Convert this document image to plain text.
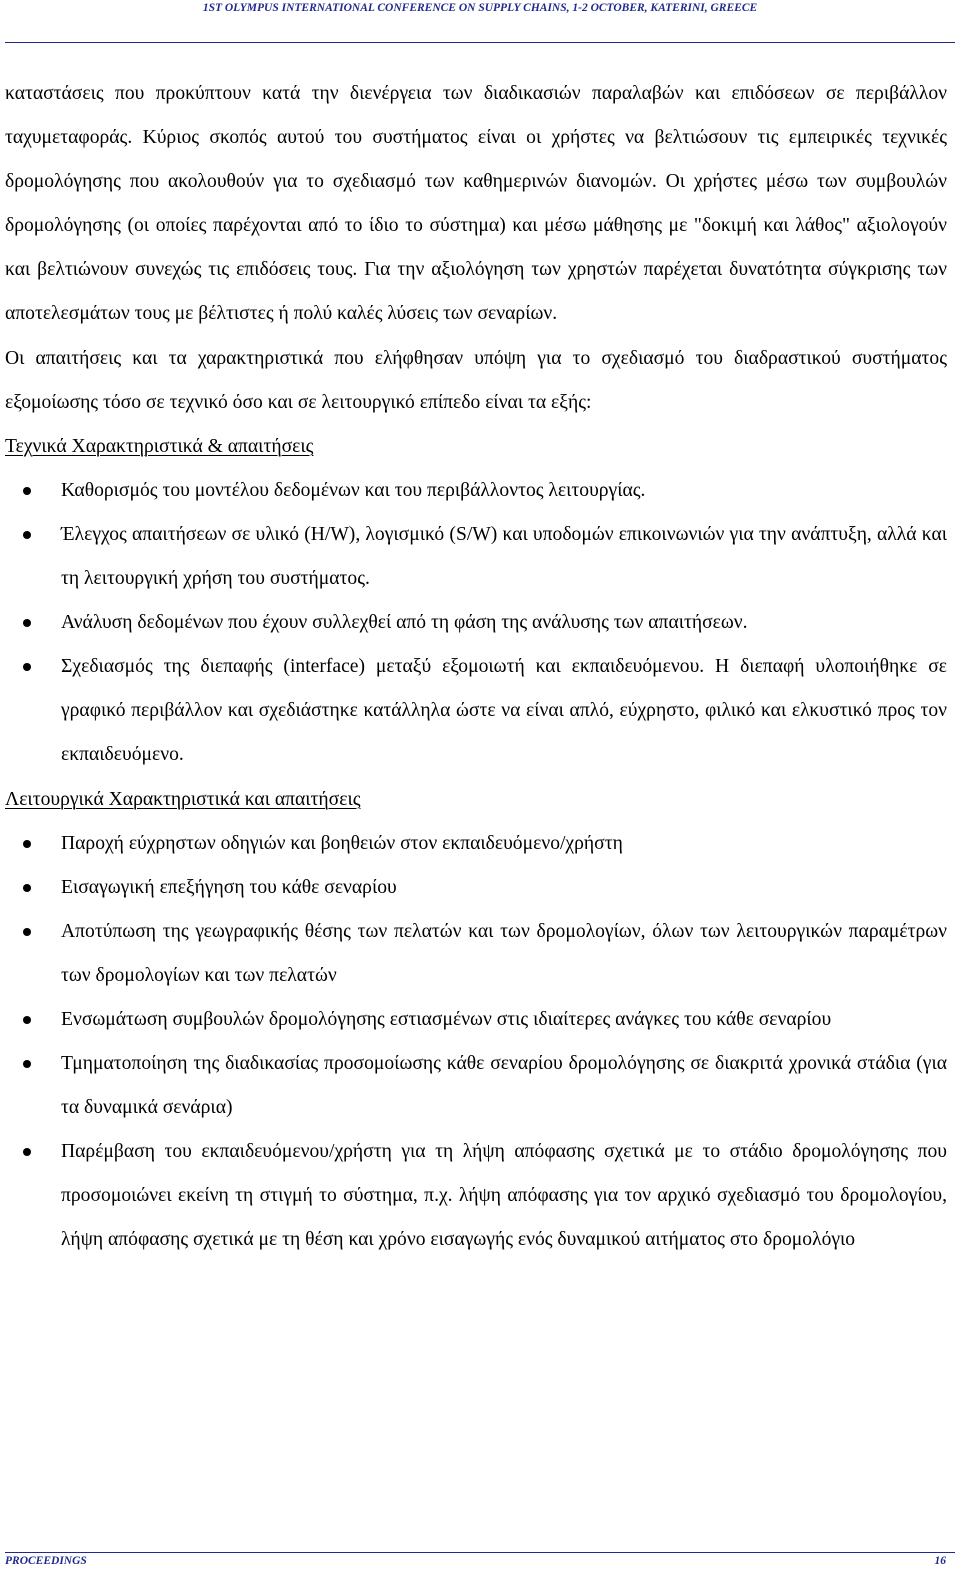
1ST OLYMPUS INTERNATIONAL CONFERENCE ON SUPPLY CHAINS, 1-2 OCTOBER, KATERINI, GREECE

καταστάσεις που προκύπτουν κατά την διενέργεια των διαδικασιών παραλαβών και επιδόσεων σε περιβάλλον ταχυμεταφοράς. Κύριος σκοπός αυτού του συστήματος είναι οι χρήστες να βελτιώσουν τις εμπειρικές τεχνικές δρομολόγησης που ακολουθούν για το σχεδιασμό των καθημερινών διανομών. Οι χρήστες μέσω των συμβουλών δρομολόγησης (οι οποίες παρέχονται από το ίδιο το σύστημα) και μέσω μάθησης με "δοκιμή και λάθος" αξιολογούν και βελτιώνουν συνεχώς τις επιδόσεις τους. Για την αξιολόγηση των χρηστών παρέχεται δυνατότητα σύγκρισης των αποτελεσμάτων τους με βέλτιστες ή πολύ καλές λύσεις των σεναρίων.

Οι απαιτήσεις και τα χαρακτηριστικά που ελήφθησαν υπόψη για το σχεδιασμό του διαδραστικού συστήματος εξομοίωσης τόσο σε τεχνικό όσο και σε λειτουργικό επίπεδο είναι τα εξής:

Τεχνικά Χαρακτηριστικά & απαιτήσεις

Καθορισμός του μοντέλου δεδομένων και του περιβάλλοντος λειτουργίας.
Έλεγχος απαιτήσεων σε υλικό (H/W), λογισμικό (S/W) και υποδομών επικοινωνιών για την ανάπτυξη, αλλά και τη λειτουργική χρήση του συστήματος.
Ανάλυση δεδομένων που έχουν συλλεχθεί από τη φάση της ανάλυσης των απαιτήσεων.
Σχεδιασμός της διεπαφής (interface) μεταξύ εξομοιωτή και εκπαιδευόμενου. Η διεπαφή υλοποιήθηκε σε γραφικό περιβάλλον και σχεδιάστηκε κατάλληλα ώστε να είναι απλό, εύχρηστο, φιλικό και ελκυστικό προς τον εκπαιδευόμενο.

Λειτουργικά Χαρακτηριστικά και απαιτήσεις

Παροχή εύχρηστων οδηγιών και βοηθειών στον εκπαιδευόμενο/χρήστη
Εισαγωγική επεξήγηση του κάθε σεναρίου
Αποτύπωση της γεωγραφικής θέσης των πελατών και των δρομολογίων, όλων των λειτουργικών παραμέτρων των δρομολογίων και των πελατών
Ενσωμάτωση συμβουλών δρομολόγησης εστιασμένων στις ιδιαίτερες ανάγκες του κάθε σεναρίου
Τμηματοποίηση της διαδικασίας προσομοίωσης κάθε σεναρίου δρομολόγησης σε διακριτά χρονικά στάδια (για τα δυναμικά σενάρια)
Παρέμβαση του εκπαιδευόμενου/χρήστη για τη λήψη απόφασης σχετικά με το στάδιο δρομολόγησης που προσομοιώνει εκείνη τη στιγμή το σύστημα, π.χ. λήψη απόφασης για τον αρχικό σχεδιασμό του δρομολογίου, λήψη απόφασης σχετικά με τη θέση και χρόνο εισαγωγής ενός δυναμικού αιτήματος στο δρομολόγιο
PROCEEDINGS	16
